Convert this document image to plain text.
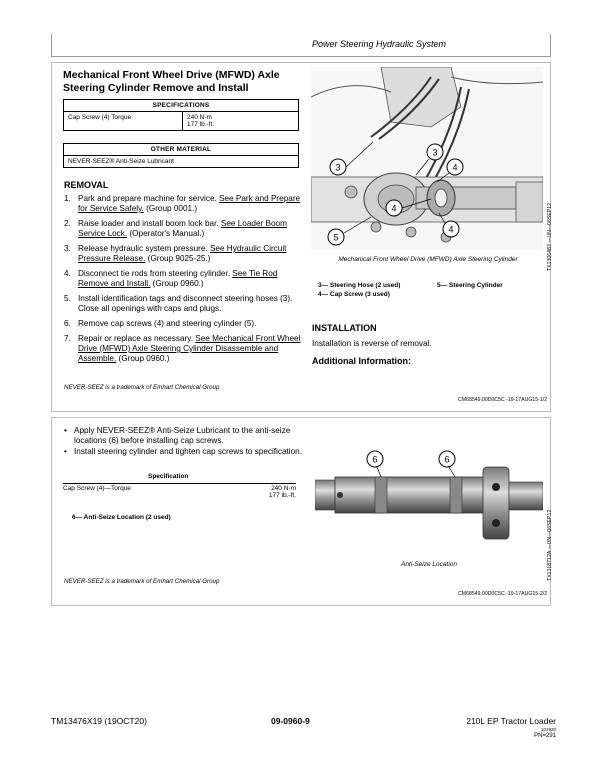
Power Steering Hydraulic System
Mechanical Front Wheel Drive (MFWD) Axle Steering Cylinder Remove and Install
SPECIFICATIONS
Cap Screw (4) Torque	240 N·m
177 lb.-ft.
OTHER MATERIAL
NEVER-SEEZ® Anti-Seize Lubricant
REMOVAL
1. Park and prepare machine for service. See Park and Prepare for Service Safely. (Group 0001.)
2. Raise loader and install boom lock bar. See Loader Boom Service Lock. (Operator's Manual.)
3. Release hydraulic system pressure. See Hydraulic Circuit Pressure Release. (Group 9025-25.)
4. Disconnect tie rods from steering cylinder. See Tie Rod Remove and Install. (Group 0960.)
5. Install identification tags and disconnect steering hoses (3). Close all openings with caps and plugs.
6. Remove cap screws (4) and steering cylinder (5).
7. Repair or replace as necessary. See Mechanical Front Wheel Drive (MFWD) Axle Steering Cylinder Disassemble and Assemble. (Group 0960.)
NEVER-SEEZ is a trademark of Emhart Chemical Group
3
3
4
4
4
5	TX1306483 —UN—06SEP12
Mechanical Front Wheel Drive (MFWD) Axle Steering Cylinder
3— Steering Hose (2 used)
4— Cap Screw (3 used)
5— Steering Cylinder
INSTALLATION
Installation is reverse of removal.
Additional Information:
CM68549,00D0C5C -19-17AUG15-1/2
• Apply NEVER-SEEZ® Anti-Seize Lubricant to the anti-seize locations (6) before installing cap screws.
• Install steering cylinder and tighten cap screws to specification.
Specification
Cap Screw (4)—Torque	240 N·m
177 lb.-ft.
6— Anti-Seize Location (2 used)
NEVER-SEEZ is a trademark of Emhart Chemical Group
6	6
TX1318712A —UN—06SEP12
Anti-Seize Location
CM68549,00D0C5C -19-17AUG15-2/2
TM13476X19 (19OCT20)	09-0960-9	210L EP Tractor Loader
101920
PN=291
